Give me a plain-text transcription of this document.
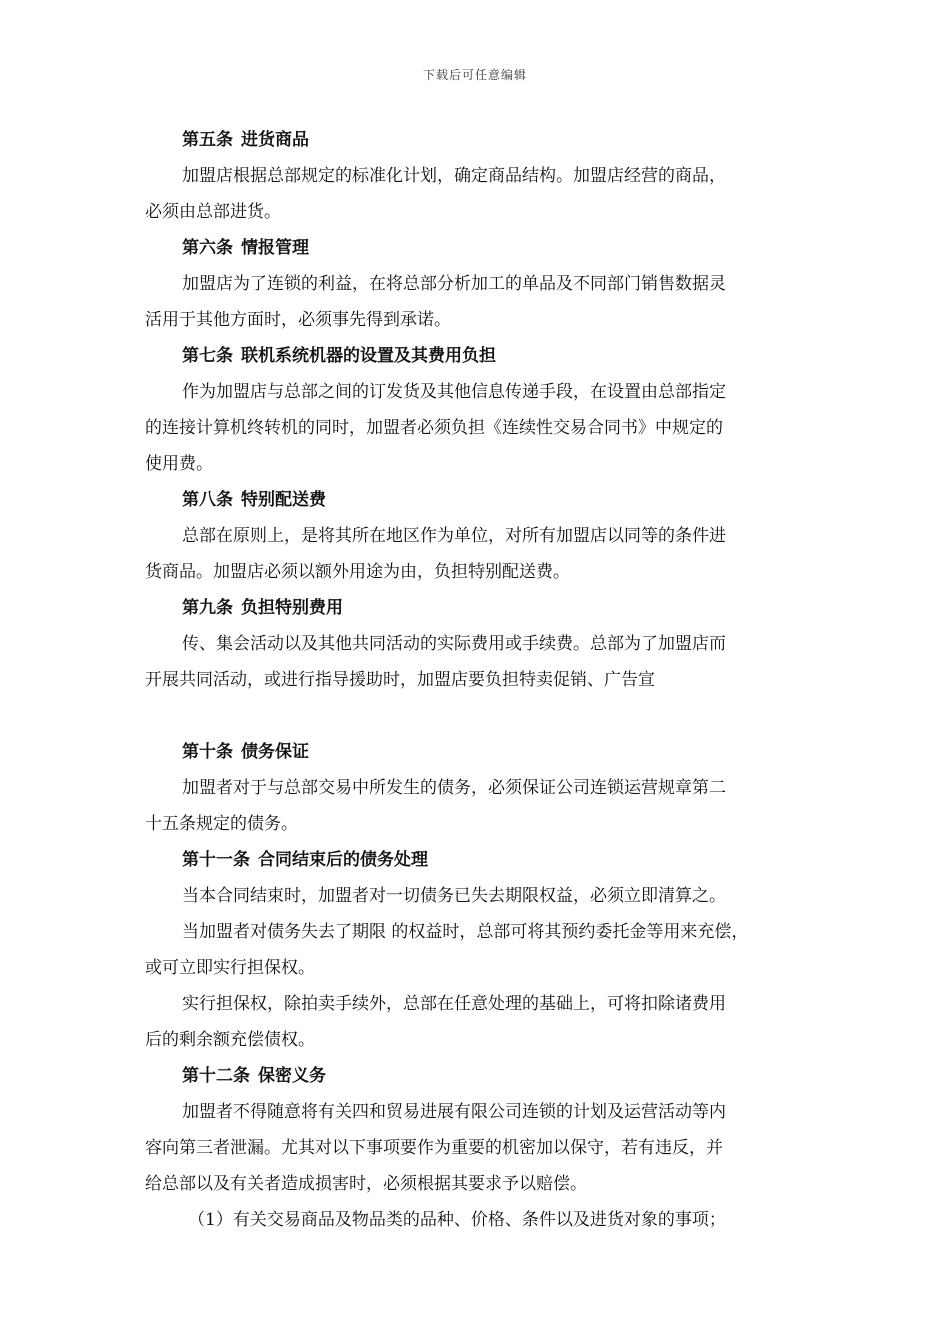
下载后可任意编辑
第五条 进货商品
加盟店根据总部规定的标准化计划，确定商品结构。加盟店经营的商品，
必须由总部进货。
第六条 情报管理
加盟店为了连锁的利益，在将总部分析加工的单品及不同部门销售数据灵
活用于其他方面时，必须事先得到承诺。
第七条 联机系统机器的设置及其费用负担
作为加盟店与总部之间的订发货及其他信息传递手段，在设置由总部指定
的连接计算机终转机的同时，加盟者必须负担《连续性交易合同书》中规定的
使用费。
第八条 特别配送费
总部在原则上，是将其所在地区作为单位，对所有加盟店以同等的条件进
货商品。加盟店必须以额外用途为由，负担特别配送费。
第九条 负担特别费用
传、集会活动以及其他共同活动的实际费用或手续费。总部为了加盟店而
开展共同活动，或进行指导援助时，加盟店要负担特卖促销、广告宣
第十条 债务保证
加盟者对于与总部交易中所发生的债务，必须保证公司连锁运营规章第二
十五条规定的债务。
第十一条 合同结束后的债务处理
当本合同结束时，加盟者对一切债务已失去期限权益，必须立即清算之。
当加盟者对债务失去了期限 的权益时，总部可将其预约委托金等用来充偿，
或可立即实行担保权。
实行担保权，除拍卖手续外，总部在任意处理的基础上，可将扣除诸费用
后的剩余额充偿债权。
第十二条 保密义务
加盟者不得随意将有关四和贸易进展有限公司连锁的计划及运营活动等内
容向第三者泄漏。尤其对以下事项要作为重要的机密加以保守，若有违反，并
给总部以及有关者造成损害时，必须根据其要求予以赔偿。
（1）有关交易商品及物品类的品种、价格、条件以及进货对象的事项；
